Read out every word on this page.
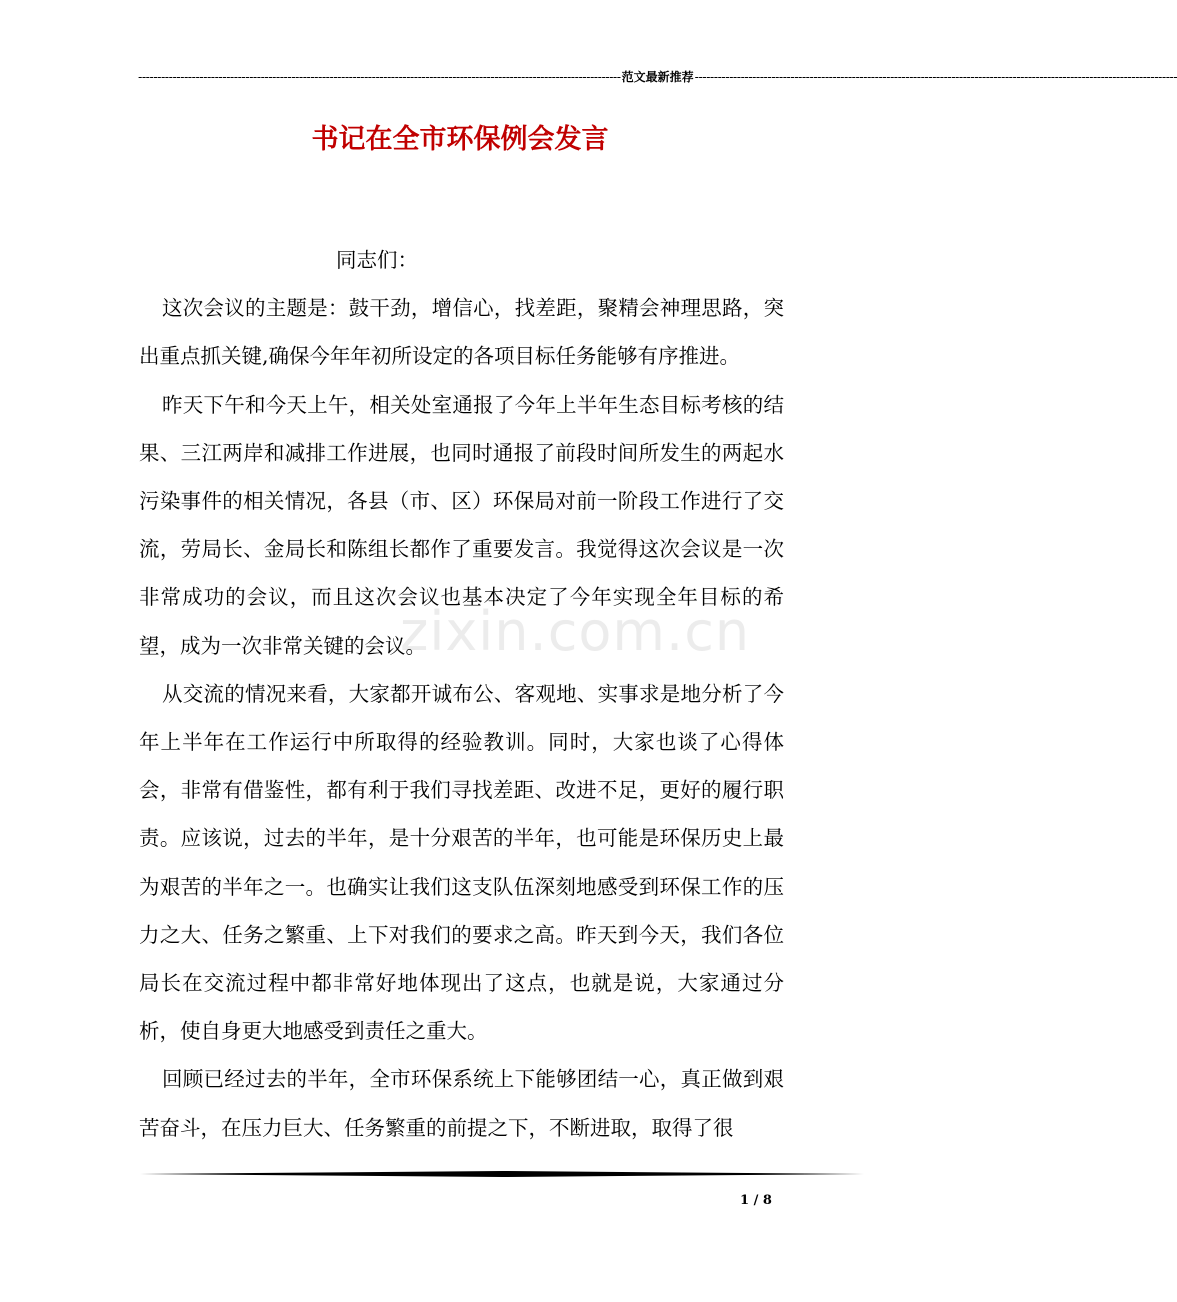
------------------------------------------------------------------------------------------------------------------------------ 范文最新推荐 ------------------------------------------------------------------------------------------------------------------------------
书记在全市环保例会发言
zixin.com.cn

同志们：

这次会议的主题是：鼓干劲，增信心，找差距，聚精会神理思路，突出重点抓关键,确保今年年初所设定的各项目标任务能够有序推进。

昨天下午和今天上午，相关处室通报了今年上半年生态目标考核的结果、三江两岸和减排工作进展，也同时通报了前段时间所发生的两起水污染事件的相关情况，各县（市、区）环保局对前一阶段工作进行了交流，劳局长、金局长和陈组长都作了重要发言。我觉得这次会议是一次非常成功的会议，而且这次会议也基本决定了今年实现全年目标的希望，成为一次非常关键的会议。

从交流的情况来看，大家都开诚布公、客观地、实事求是地分析了今年上半年在工作运行中所取得的经验教训。同时，大家也谈了心得体会，非常有借鉴性，都有利于我们寻找差距、改进不足，更好的履行职责。应该说，过去的半年，是十分艰苦的半年，也可能是环保历史上最为艰苦的半年之一。也确实让我们这支队伍深刻地感受到环保工作的压力之大、任务之繁重、上下对我们的要求之高。昨天到今天，我们各位局长在交流过程中都非常好地体现出了这点，也就是说，大家通过分析，使自身更大地感受到责任之重大。

回顾已经过去的半年，全市环保系统上下能够团结一心，真正做到艰苦奋斗，在压力巨大、任务繁重的前提之下，不断进取，取得了很

1 / 8
